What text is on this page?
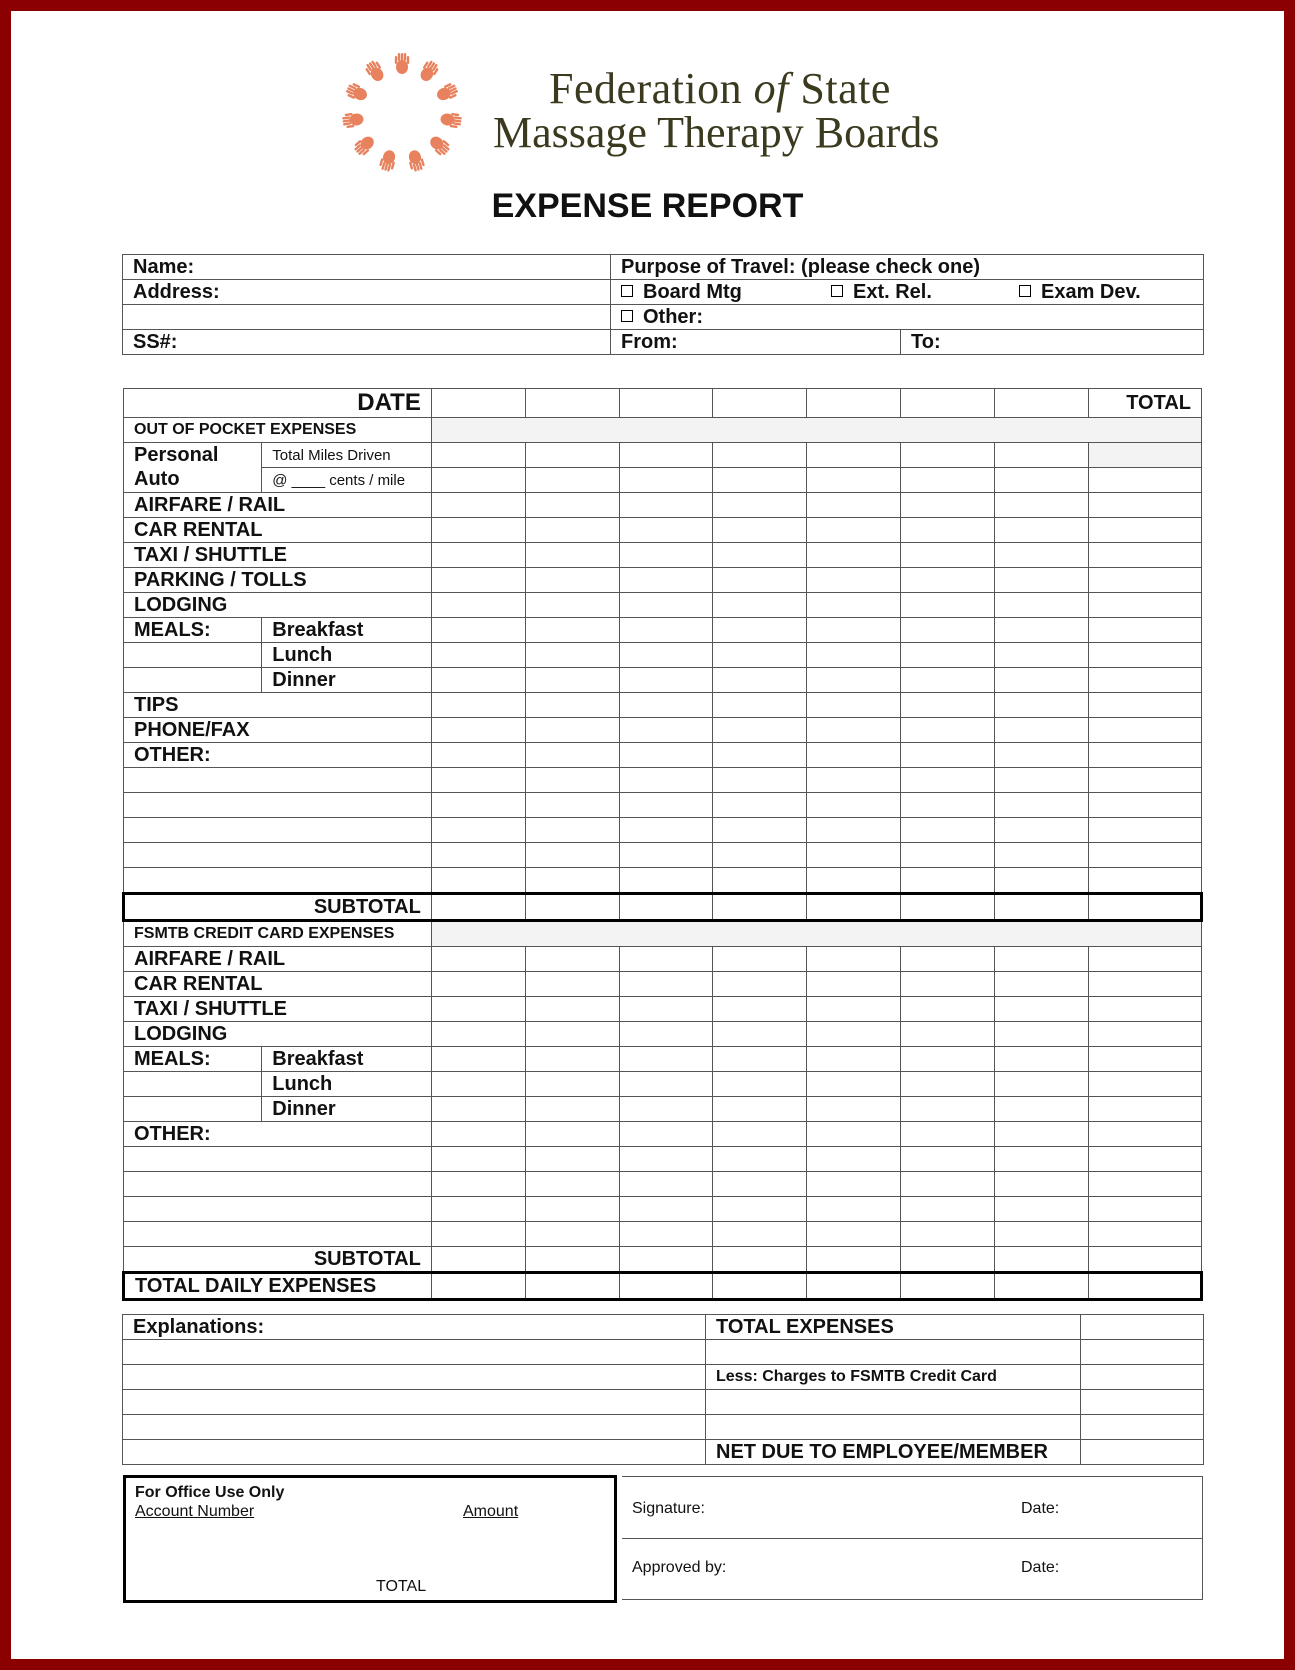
Federation of State
Massage Therapy Boards
EXPENSE REPORT
Name:	Purpose of Travel: (please check one)	
Address:	Board Mtg Ext. Rel. Exam Dev.	
	Other:	
SS#:	From:	To:
DATE									TOTAL
OUT OF POCKET EXPENSES									
Personal	Total Miles Driven								
Auto	@ ____ cents / mile								
AIRFARE / RAIL									
CAR RENTAL									
TAXI / SHUTTLE									
PARKING / TOLLS									
LODGING									
MEALS:	Breakfast								
	Lunch								
	Dinner								
TIPS									
PHONE/FAX									
OTHER:									

SUBTOTAL									
FSMTB CREDIT CARD EXPENSES									
AIRFARE / RAIL									
CAR RENTAL									
TAXI / SHUTTLE									
LODGING									
MEALS:	Breakfast								
	Lunch								
	Dinner								
OTHER:									

SUBTOTAL									
TOTAL DAILY EXPENSES									
Explanations:	TOTAL EXPENSES	

	Less: Charges to FSMTB Credit Card	

	NET DUE TO EMPLOYEE/MEMBER	
For Office Use Only
Account Number	Amount
TOTAL
Signature:	Date:
Approved by:	Date:
